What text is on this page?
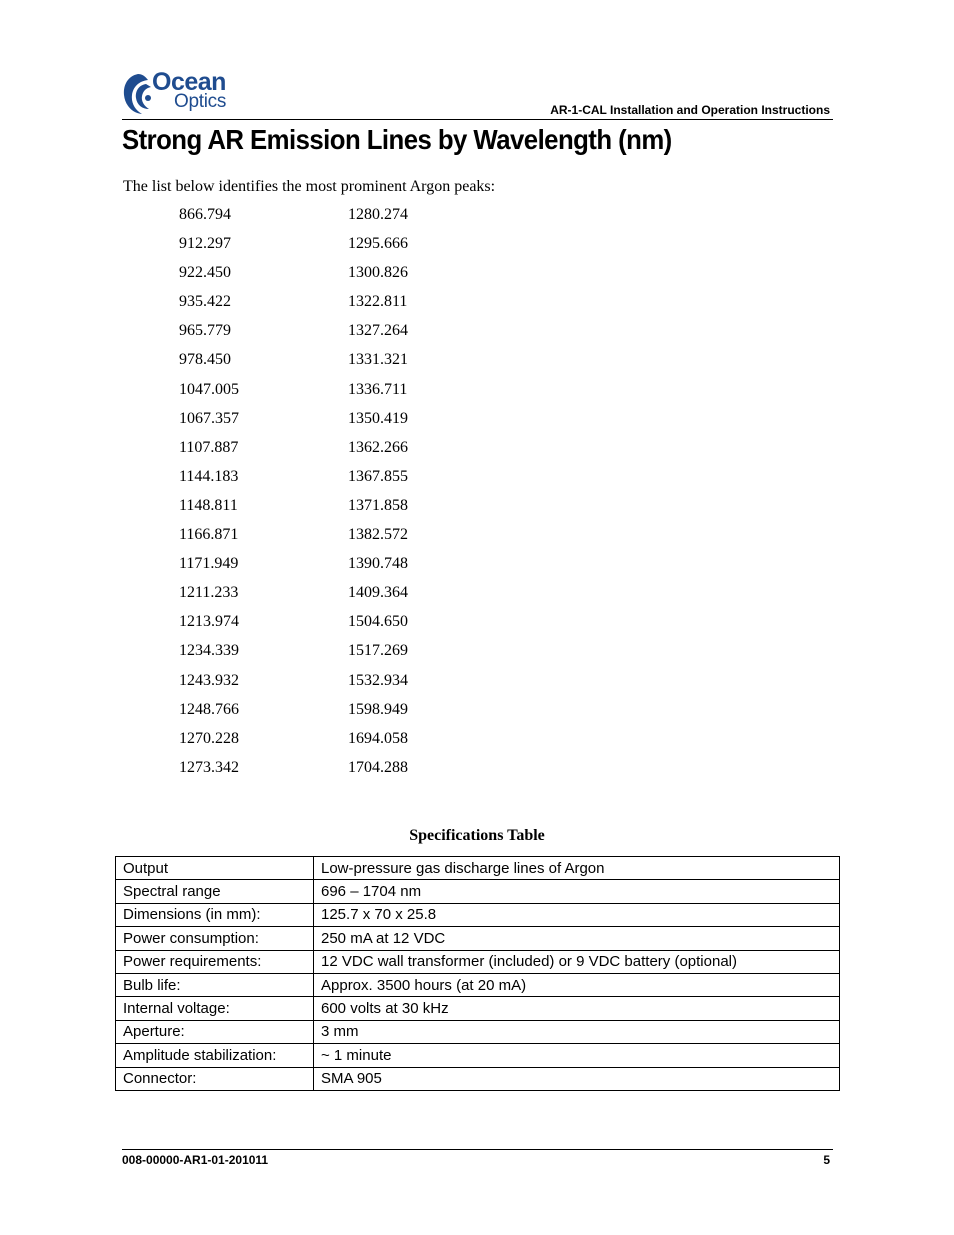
Ocean
Optics	AR-1-CAL Installation and Operation Instructions
Strong AR Emission Lines by Wavelength (nm)

The list below identifies the most prominent Argon peaks:

866.794	1280.274
912.297	1295.666
922.450	1300.826
935.422	1322.811
965.779	1327.264
978.450	1331.321
1047.005	1336.711
1067.357	1350.419
1107.887	1362.266
1144.183	1367.855
1148.811	1371.858
1166.871	1382.572
1171.949	1390.748
1211.233	1409.364
1213.974	1504.650
1234.339	1517.269
1243.932	1532.934
1248.766	1598.949
1270.228	1694.058
1273.342	1704.288
Specifications Table
Output	Low-pressure gas discharge lines of Argon
Spectral range	696 – 1704 nm
Dimensions (in mm):	125.7 x 70 x 25.8
Power consumption:	250 mA at 12 VDC
Power requirements:	12 VDC wall transformer (included) or 9 VDC battery (optional)
Bulb life:	Approx. 3500 hours (at 20 mA)
Internal voltage:	600 volts at 30 kHz
Aperture:	3 mm
Amplitude stabilization:	~ 1 minute
Connector:	SMA 905
008-00000-AR1-01-201011	5
